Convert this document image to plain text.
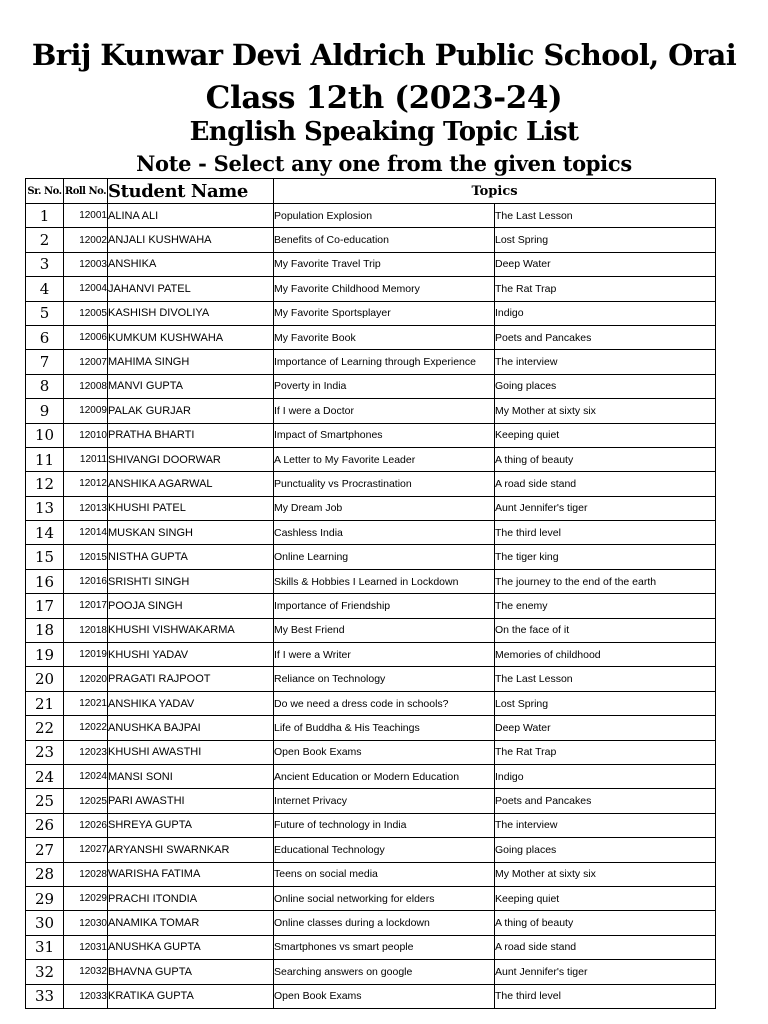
Brij Kunwar Devi Aldrich Public School, Orai
Class 12th (2023-24)
English Speaking Topic List
Note - Select any one from the given topics
Sr. No.	Roll No.	Student Name	Topics	
1	12001	ALINA ALI	Population Explosion	The Last Lesson
2	12002	ANJALI KUSHWAHA	Benefits of Co-education	Lost Spring
3	12003	ANSHIKA	My Favorite Travel Trip	Deep Water
4	12004	JAHANVI PATEL	My Favorite Childhood Memory	The Rat Trap
5	12005	KASHISH DIVOLIYA	My Favorite Sportsplayer	Indigo
6	12006	KUMKUM KUSHWAHA	My Favorite Book	Poets and Pancakes
7	12007	MAHIMA SINGH	Importance of Learning through Experience	The interview
8	12008	MANVI GUPTA	Poverty in India	Going places
9	12009	PALAK GURJAR	If I were a Doctor	My Mother at sixty six
10	12010	PRATHA BHARTI	Impact of Smartphones	Keeping quiet
11	12011	SHIVANGI DOORWAR	A Letter to My Favorite Leader	A thing of beauty
12	12012	ANSHIKA AGARWAL	Punctuality vs Procrastination	A road side stand
13	12013	KHUSHI PATEL	My Dream Job	Aunt Jennifer's tiger
14	12014	MUSKAN SINGH	Cashless India	The third level
15	12015	NISTHA GUPTA	Online Learning	The tiger king
16	12016	SRISHTI SINGH	Skills & Hobbies I Learned in Lockdown	The journey to the end of the earth
17	12017	POOJA SINGH	Importance of Friendship	The enemy
18	12018	KHUSHI VISHWAKARMA	My Best Friend	On the face of it
19	12019	KHUSHI YADAV	If I were a Writer	Memories of childhood
20	12020	PRAGATI RAJPOOT	Reliance on Technology	The Last Lesson
21	12021	ANSHIKA YADAV	Do we need a dress code in schools?	Lost Spring
22	12022	ANUSHKA BAJPAI	Life of Buddha & His Teachings	Deep Water
23	12023	KHUSHI AWASTHI	Open Book Exams	The Rat Trap
24	12024	MANSI SONI	Ancient Education or Modern Education	Indigo
25	12025	PARI AWASTHI	Internet Privacy	Poets and Pancakes
26	12026	SHREYA GUPTA	Future of technology in India	The interview
27	12027	ARYANSHI SWARNKAR	Educational Technology	Going places
28	12028	WARISHA FATIMA	Teens on social media	My Mother at sixty six
29	12029	PRACHI ITONDIA	Online social networking for elders	Keeping quiet
30	12030	ANAMIKA TOMAR	Online classes during a lockdown	A thing of beauty
31	12031	ANUSHKA GUPTA	Smartphones vs smart people	A road side stand
32	12032	BHAVNA GUPTA	Searching answers on google	Aunt Jennifer's tiger
33	12033	KRATIKA GUPTA	Open Book Exams	The third level
